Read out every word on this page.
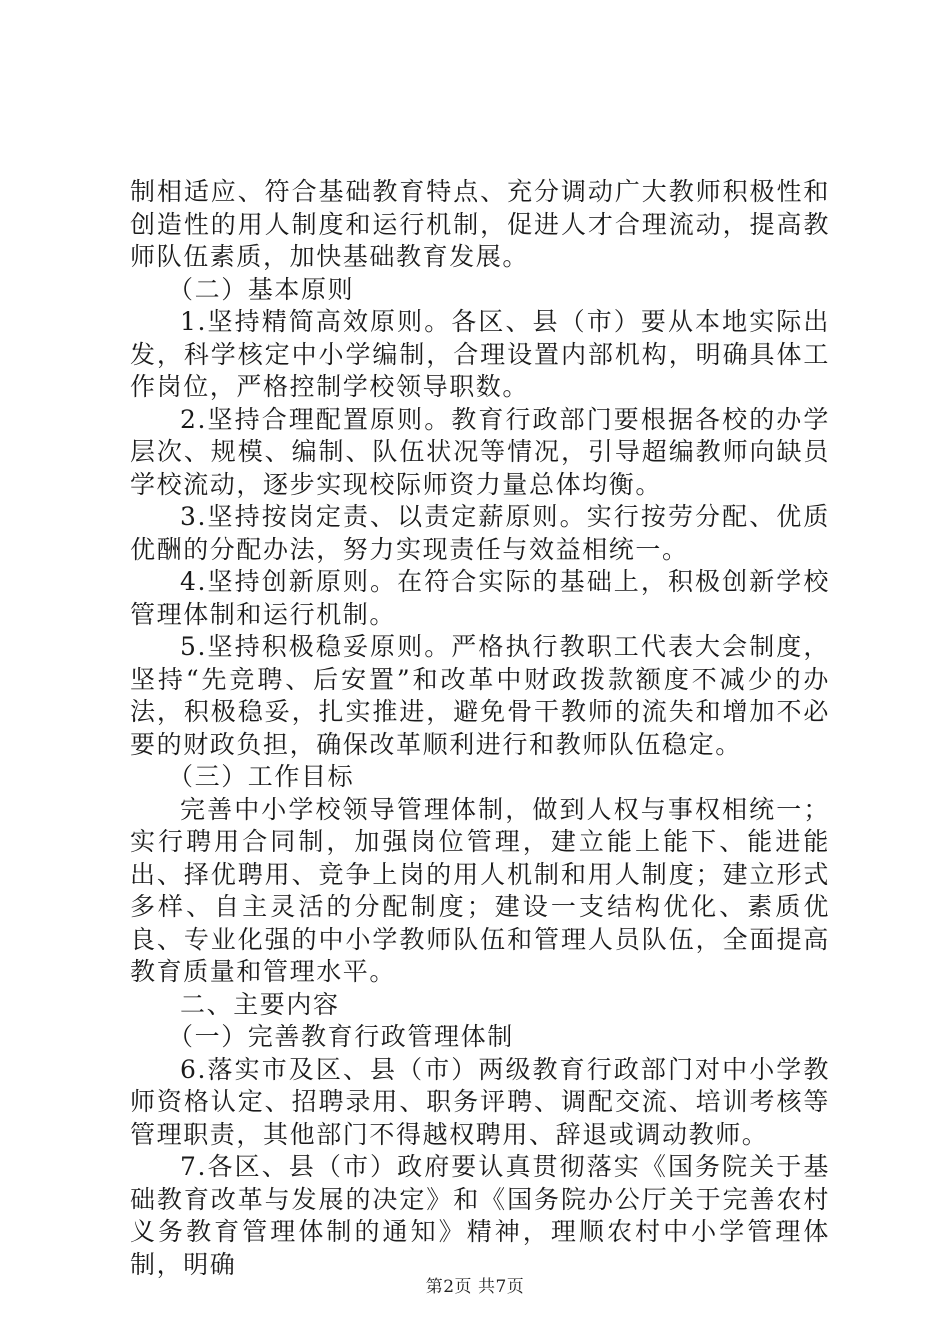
制相适应、符合基础教育特点、充分调动广大教师积极性和创造性的用人制度和运行机制，促进人才合理流动，提高教师队伍素质，加快基础教育发展。

（二）基本原则

1.坚持精简高效原则。各区、县（市）要从本地实际出发，科学核定中小学编制，合理设置内部机构，明确具体工作岗位，严格控制学校领导职数。

2.坚持合理配置原则。教育行政部门要根据各校的办学层次、规模、编制、队伍状况等情况，引导超编教师向缺员学校流动，逐步实现校际师资力量总体均衡。

3.坚持按岗定责、以责定薪原则。实行按劳分配、优质优酬的分配办法，努力实现责任与效益相统一。

4.坚持创新原则。在符合实际的基础上，积极创新学校管理体制和运行机制。

5.坚持积极稳妥原则。严格执行教职工代表大会制度，坚持“先竞聘、后安置”和改革中财政拨款额度不减少的办法，积极稳妥，扎实推进，避免骨干教师的流失和增加不必要的财政负担，确保改革顺利进行和教师队伍稳定。

（三）工作目标

完善中小学校领导管理体制，做到人权与事权相统一；实行聘用合同制，加强岗位管理，建立能上能下、能进能出、择优聘用、竞争上岗的用人机制和用人制度；建立形式多样、自主灵活的分配制度；建设一支结构优化、素质优良、专业化强的中小学教师队伍和管理人员队伍，全面提高教育质量和管理水平。

二、主要内容

（一）完善教育行政管理体制

6.落实市及区、县（市）两级教育行政部门对中小学教师资格认定、招聘录用、职务评聘、调配交流、培训考核等管理职责，其他部门不得越权聘用、辞退或调动教师。

7.各区、县（市）政府要认真贯彻落实《国务院关于基础教育改革与发展的决定》和《国务院办公厅关于完善农村义务教育管理体制的通知》精神，理顺农村中小学管理体制，明确

第2页 共7页
